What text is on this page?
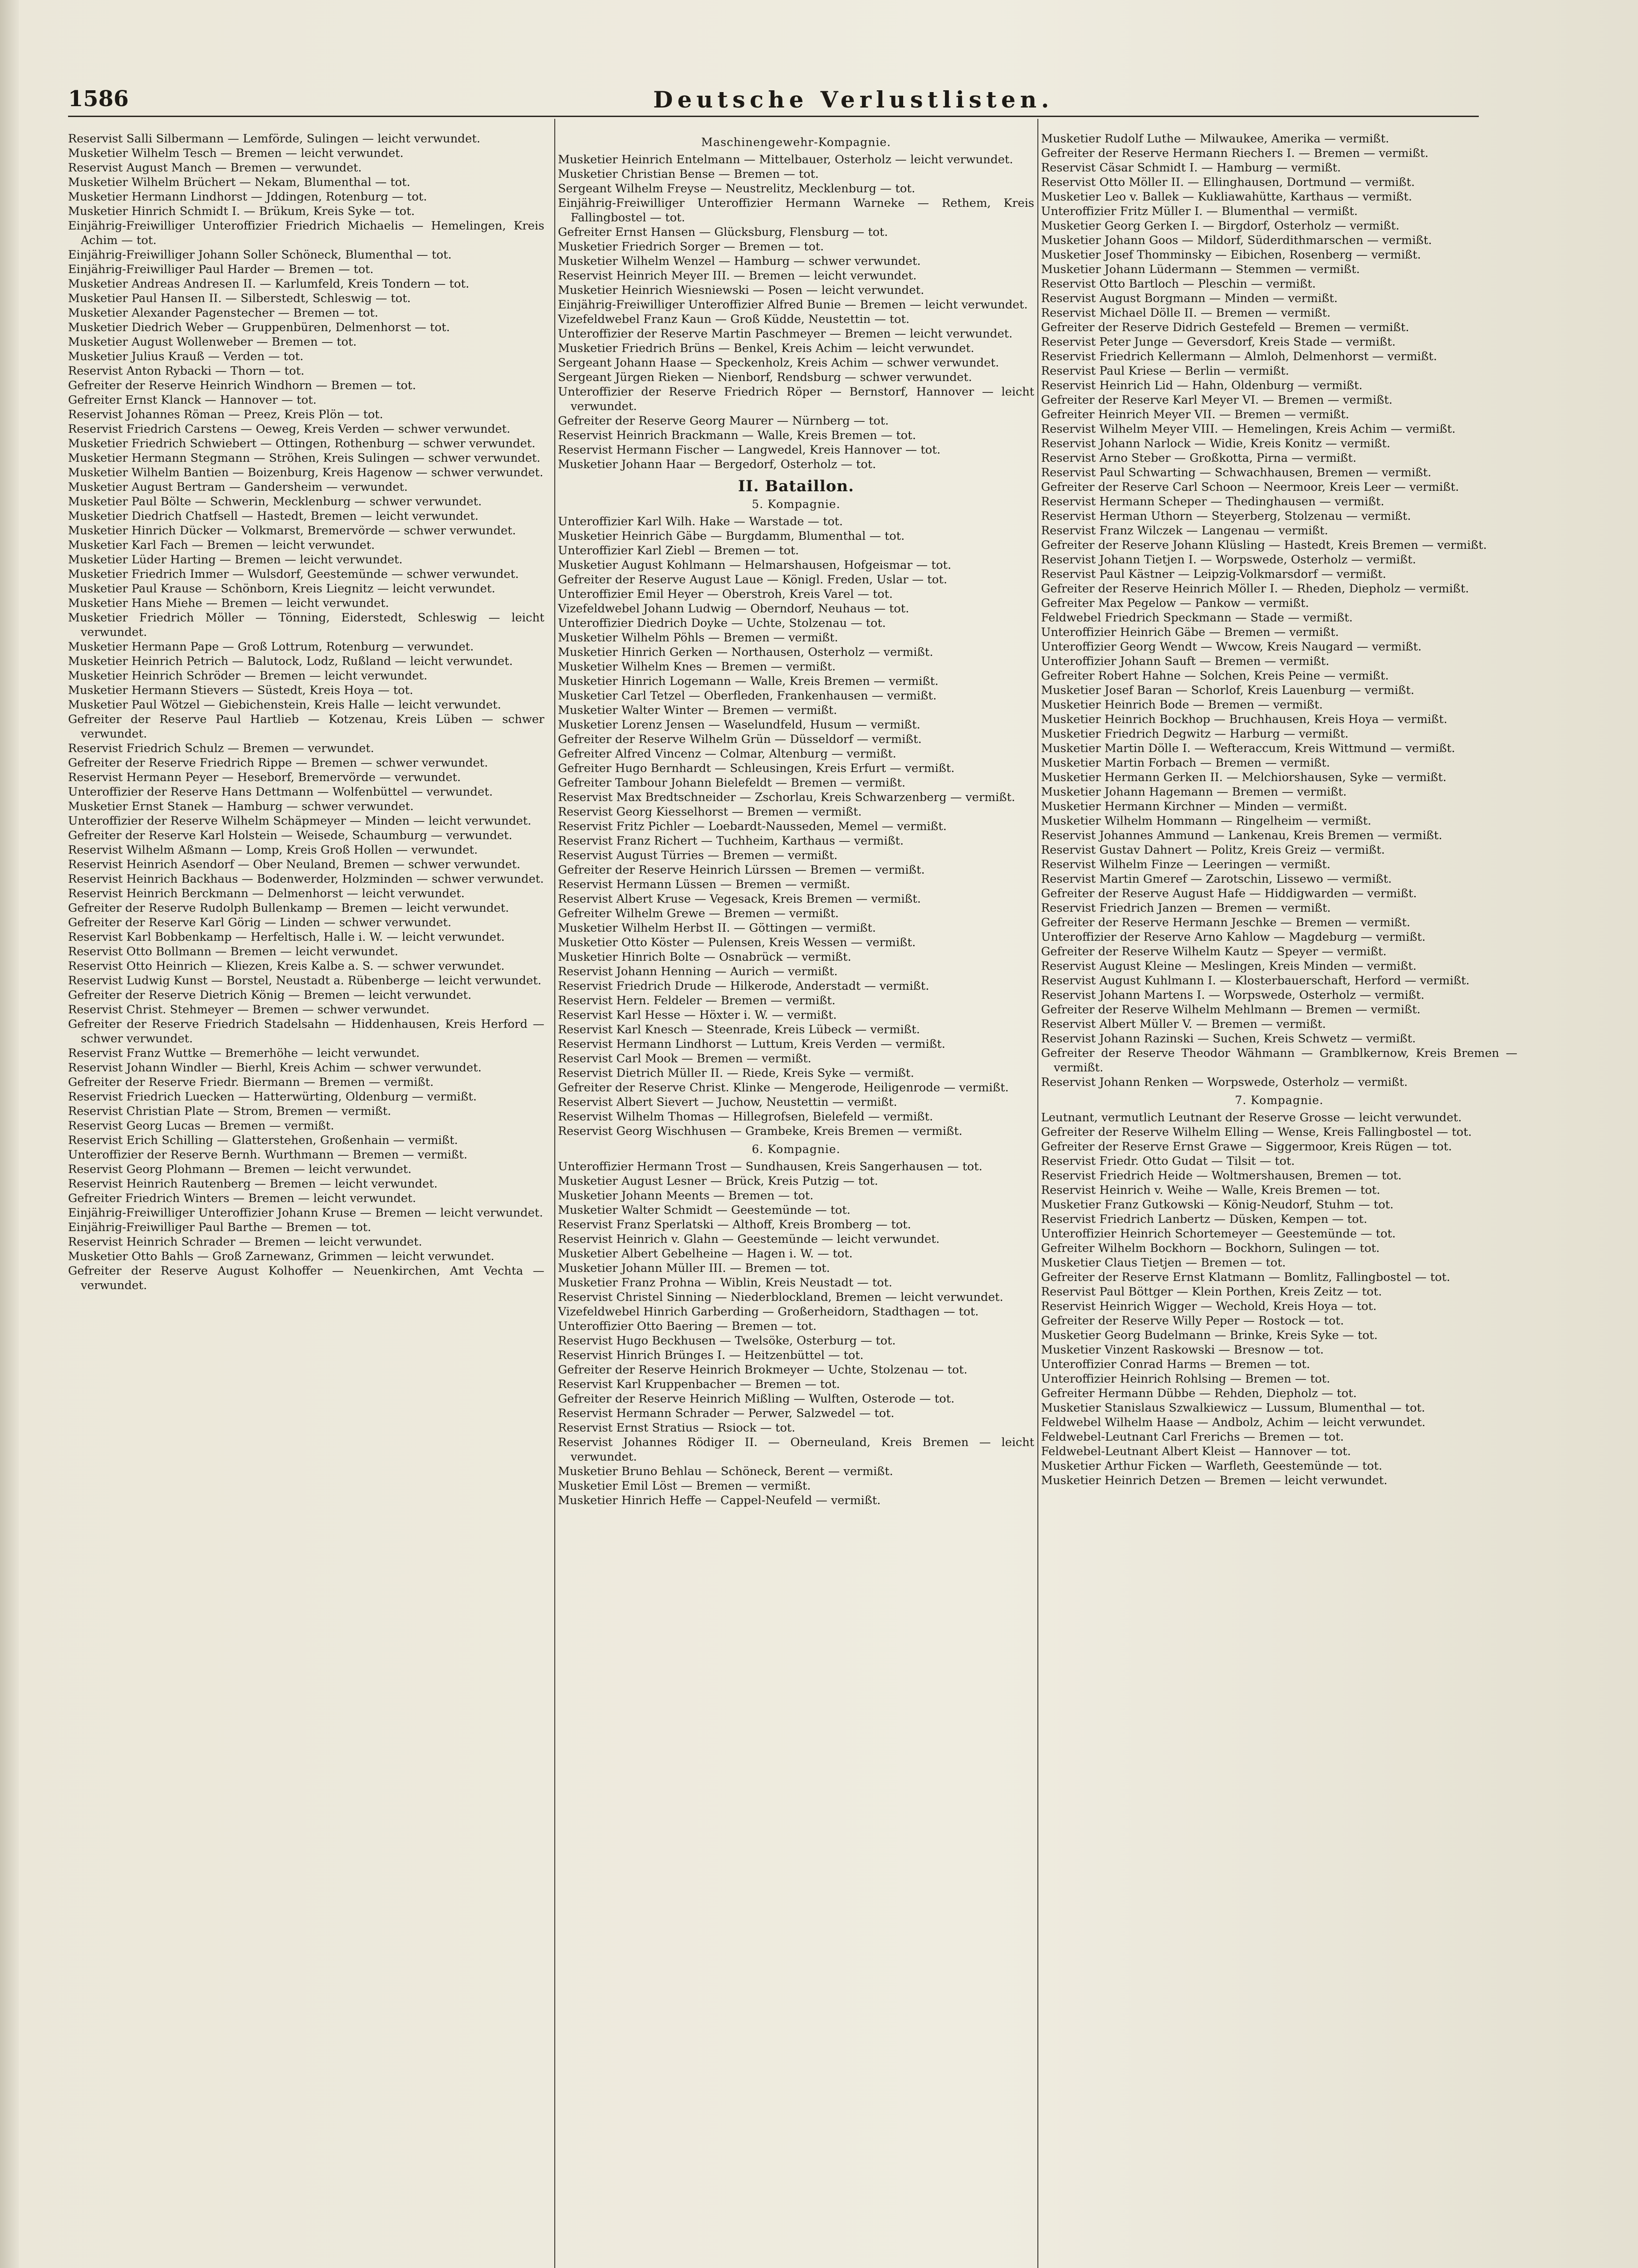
1586	Deutsche Verlustlisten.

Reservist Salli Silbermann — Lemförde, Sulingen — leicht verwundet.

Musketier Wilhelm Tesch — Bremen — leicht verwundet.

Reservist August Manch — Bremen — verwundet.

Musketier Wilhelm Brüchert — Nekam, Blumenthal — tot.

Musketier Hermann Lindhorst — Jddingen, Rotenburg — tot.

Musketier Hinrich Schmidt I. — Brükum, Kreis Syke — tot.

Einjährig-Freiwilliger Unteroffizier Friedrich Michaelis — Hemelingen, Kreis Achim — tot.

Einjährig-Freiwilliger Johann Soller Schöneck, Blumenthal — tot.

Einjährig-Freiwilliger Paul Harder — Bremen — tot.

Musketier Andreas Andresen II. — Karlumfeld, Kreis Tondern — tot.

Musketier Paul Hansen II. — Silberstedt, Schleswig — tot.

Musketier Alexander Pagenstecher — Bremen — tot.

Musketier Diedrich Weber — Gruppenbüren, Delmenhorst — tot.

Musketier August Wollenweber — Bremen — tot.

Musketier Julius Krauß — Verden — tot.

Reservist Anton Rybacki — Thorn — tot.

Gefreiter der Reserve Heinrich Windhorn — Bremen — tot.

Gefreiter Ernst Klanck — Hannover — tot.

Reservist Johannes Röman — Preez, Kreis Plön — tot.

Reservist Friedrich Carstens — Oeweg, Kreis Verden — schwer verwundet.

Musketier Friedrich Schwiebert — Ottingen, Rothenburg — schwer verwundet.

Musketier Hermann Stegmann — Ströhen, Kreis Sulingen — schwer verwundet.

Musketier Wilhelm Bantien — Boizenburg, Kreis Hagenow — schwer verwundet.

Musketier August Bertram — Gandersheim — verwundet.

Musketier Paul Bölte — Schwerin, Mecklenburg — schwer verwundet.

Musketier Diedrich Chatfsell — Hastedt, Bremen — leicht verwundet.

Musketier Hinrich Dücker — Volkmarst, Bremervörde — schwer verwundet.

Musketier Karl Fach — Bremen — leicht verwundet.

Musketier Lüder Harting — Bremen — leicht verwundet.

Musketier Friedrich Immer — Wulsdorf, Geestemünde — schwer verwundet.

Musketier Paul Krause — Schönborn, Kreis Liegnitz — leicht verwundet.

Musketier Hans Miehe — Bremen — leicht verwundet.

Musketier Friedrich Möller — Tönning, Eiderstedt, Schleswig — leicht verwundet.

Musketier Hermann Pape — Groß Lottrum, Rotenburg — verwundet.

Musketier Heinrich Petrich — Balutock, Lodz, Rußland — leicht verwundet.

Musketier Heinrich Schröder — Bremen — leicht verwundet.

Musketier Hermann Stievers — Süstedt, Kreis Hoya — tot.

Musketier Paul Wötzel — Giebichenstein, Kreis Halle — leicht verwundet.

Gefreiter der Reserve Paul Hartlieb — Kotzenau, Kreis Lüben — schwer verwundet.

Reservist Friedrich Schulz — Bremen — verwundet.

Gefreiter der Reserve Friedrich Rippe — Bremen — schwer verwundet.

Reservist Hermann Peyer — Heseborf, Bremervörde — verwundet.

Unteroffizier der Reserve Hans Dettmann — Wolfenbüttel — verwundet.

Musketier Ernst Stanek — Hamburg — schwer verwundet.

Unteroffizier der Reserve Wilhelm Schäpmeyer — Minden — leicht verwundet.

Gefreiter der Reserve Karl Holstein — Weisede, Schaumburg — verwundet.

Reservist Wilhelm Aßmann — Lomp, Kreis Groß Hollen — verwundet.

Reservist Heinrich Asendorf — Ober Neuland, Bremen — schwer verwundet.

Reservist Heinrich Backhaus — Bodenwerder, Holzminden — schwer verwundet.

Reservist Heinrich Berckmann — Delmenhorst — leicht verwundet.

Gefreiter der Reserve Rudolph Bullenkamp — Bremen — leicht verwundet.

Gefreiter der Reserve Karl Görig — Linden — schwer verwundet.

Reservist Karl Bobbenkamp — Herfeltisch, Halle i. W. — leicht verwundet.

Reservist Otto Bollmann — Bremen — leicht verwundet.

Reservist Otto Heinrich — Kliezen, Kreis Kalbe a. S. — schwer verwundet.

Reservist Ludwig Kunst — Borstel, Neustadt a. Rübenberge — leicht verwundet.

Gefreiter der Reserve Dietrich König — Bremen — leicht verwundet.

Reservist Christ. Stehmeyer — Bremen — schwer verwundet.

Gefreiter der Reserve Friedrich Stadelsahn — Hiddenhausen, Kreis Herford — schwer verwundet.

Reservist Franz Wuttke — Bremerhöhe — leicht verwundet.

Reservist Johann Windler — Bierhl, Kreis Achim — schwer verwundet.

Gefreiter der Reserve Friedr. Biermann — Bremen — vermißt.

Reservist Friedrich Luecken — Hatterwürting, Oldenburg — vermißt.

Reservist Christian Plate — Strom, Bremen — vermißt.

Reservist Georg Lucas — Bremen — vermißt.

Reservist Erich Schilling — Glatterstehen, Großenhain — vermißt.

Unteroffizier der Reserve Bernh. Wurthmann — Bremen — vermißt.

Reservist Georg Plohmann — Bremen — leicht verwundet.

Reservist Heinrich Rautenberg — Bremen — leicht verwundet.

Gefreiter Friedrich Winters — Bremen — leicht verwundet.

Einjährig-Freiwilliger Unteroffizier Johann Kruse — Bremen — leicht verwundet.

Einjährig-Freiwilliger Paul Barthe — Bremen — tot.

Reservist Heinrich Schrader — Bremen — leicht verwundet.

Musketier Otto Bahls — Groß Zarnewanz, Grimmen — leicht verwundet.

Gefreiter der Reserve August Kolhoffer — Neuenkirchen, Amt Vechta — verwundet.

Maschinengewehr-Kompagnie.

Musketier Heinrich Entelmann — Mittelbauer, Osterholz — leicht verwundet.

Musketier Christian Bense — Bremen — tot.

Sergeant Wilhelm Freyse — Neustrelitz, Mecklenburg — tot.

Einjährig-Freiwilliger Unteroffizier Hermann Warneke — Rethem, Kreis Fallingbostel — tot.

Gefreiter Ernst Hansen — Glücksburg, Flensburg — tot.

Musketier Friedrich Sorger — Bremen — tot.

Musketier Wilhelm Wenzel — Hamburg — schwer verwundet.

Reservist Heinrich Meyer III. — Bremen — leicht verwundet.

Musketier Heinrich Wiesniewski — Posen — leicht verwundet.

Einjährig-Freiwilliger Unteroffizier Alfred Bunie — Bremen — leicht verwundet.

Vizefeldwebel Franz Kaun — Groß Küdde, Neustettin — tot.

Unteroffizier der Reserve Martin Paschmeyer — Bremen — leicht verwundet.

Musketier Friedrich Brüns — Benkel, Kreis Achim — leicht verwundet.

Sergeant Johann Haase — Speckenholz, Kreis Achim — schwer verwundet.

Sergeant Jürgen Rieken — Nienborf, Rendsburg — schwer verwundet.

Unteroffizier der Reserve Friedrich Röper — Bernstorf, Hannover — leicht verwundet.

Gefreiter der Reserve Georg Maurer — Nürnberg — tot.

Reservist Heinrich Brackmann — Walle, Kreis Bremen — tot.

Reservist Hermann Fischer — Langwedel, Kreis Hannover — tot.

Musketier Johann Haar — Bergedorf, Osterholz — tot.

II. Bataillon.
5. Kompagnie.

Unteroffizier Karl Wilh. Hake — Warstade — tot.

Musketier Heinrich Gäbe — Burgdamm, Blumenthal — tot.

Unteroffizier Karl Ziebl — Bremen — tot.

Musketier August Kohlmann — Helmarshausen, Hofgeismar — tot.

Gefreiter der Reserve August Laue — Königl. Freden, Uslar — tot.

Unteroffizier Emil Heyer — Oberstroh, Kreis Varel — tot.

Vizefeldwebel Johann Ludwig — Oberndorf, Neuhaus — tot.

Unteroffizier Diedrich Doyke — Uchte, Stolzenau — tot.

Musketier Wilhelm Pöhls — Bremen — vermißt.

Musketier Hinrich Gerken — Northausen, Osterholz — vermißt.

Musketier Wilhelm Knes — Bremen — vermißt.

Musketier Hinrich Logemann — Walle, Kreis Bremen — vermißt.

Musketier Carl Tetzel — Oberfleden, Frankenhausen — vermißt.

Musketier Walter Winter — Bremen — vermißt.

Musketier Lorenz Jensen — Waselundfeld, Husum — vermißt.

Gefreiter der Reserve Wilhelm Grün — Düsseldorf — vermißt.

Gefreiter Alfred Vincenz — Colmar, Altenburg — vermißt.

Gefreiter Hugo Bernhardt — Schleusingen, Kreis Erfurt — vermißt.

Gefreiter Tambour Johann Bielefeldt — Bremen — vermißt.

Reservist Max Bredtschneider — Zschorlau, Kreis Schwarzenberg — vermißt.

Reservist Georg Kiesselhorst — Bremen — vermißt.

Reservist Fritz Pichler — Loebardt-Nausseden, Memel — vermißt.

Reservist Franz Richert — Tuchheim, Karthaus — vermißt.

Reservist August Türries — Bremen — vermißt.

Gefreiter der Reserve Heinrich Lürssen — Bremen — vermißt.

Reservist Hermann Lüssen — Bremen — vermißt.

Reservist Albert Kruse — Vegesack, Kreis Bremen — vermißt.

Gefreiter Wilhelm Grewe — Bremen — vermißt.

Musketier Wilhelm Herbst II. — Göttingen — vermißt.

Musketier Otto Köster — Pulensen, Kreis Wessen — vermißt.

Musketier Hinrich Bolte — Osnabrück — vermißt.

Reservist Johann Henning — Aurich — vermißt.

Reservist Friedrich Drude — Hilkerode, Anderstadt — vermißt.

Reservist Hern. Feldeler — Bremen — vermißt.

Reservist Karl Hesse — Höxter i. W. — vermißt.

Reservist Karl Knesch — Steenrade, Kreis Lübeck — vermißt.

Reservist Hermann Lindhorst — Luttum, Kreis Verden — vermißt.

Reservist Carl Mook — Bremen — vermißt.

Reservist Dietrich Müller II. — Riede, Kreis Syke — vermißt.

Gefreiter der Reserve Christ. Klinke — Mengerode, Heiligenrode — vermißt.

Reservist Albert Sievert — Juchow, Neustettin — vermißt.

Reservist Wilhelm Thomas — Hillegrofsen, Bielefeld — vermißt.

Reservist Georg Wischhusen — Grambeke, Kreis Bremen — vermißt.

6. Kompagnie.

Unteroffizier Hermann Trost — Sundhausen, Kreis Sangerhausen — tot.

Musketier August Lesner — Brück, Kreis Putzig — tot.

Musketier Johann Meents — Bremen — tot.

Musketier Walter Schmidt — Geestemünde — tot.

Reservist Franz Sperlatski — Althoff, Kreis Bromberg — tot.

Reservist Heinrich v. Glahn — Geestemünde — leicht verwundet.

Musketier Albert Gebelheine — Hagen i. W. — tot.

Musketier Johann Müller III. — Bremen — tot.

Musketier Franz Prohna — Wiblin, Kreis Neustadt — tot.

Reservist Christel Sinning — Niederblockland, Bremen — leicht verwundet.

Vizefeldwebel Hinrich Garberding — Großerheidorn, Stadthagen — tot.

Unteroffizier Otto Baering — Bremen — tot.

Reservist Hugo Beckhusen — Twelsöke, Osterburg — tot.

Reservist Hinrich Brünges I. — Heitzenbüttel — tot.

Gefreiter der Reserve Heinrich Brokmeyer — Uchte, Stolzenau — tot.

Reservist Karl Kruppenbacher — Bremen — tot.

Gefreiter der Reserve Heinrich Mißling — Wulften, Osterode — tot.

Reservist Hermann Schrader — Perwer, Salzwedel — tot.

Reservist Ernst Stratius — Rsiock — tot.

Reservist Johannes Rödiger II. — Oberneuland, Kreis Bremen — leicht verwundet.

Musketier Bruno Behlau — Schöneck, Berent — vermißt.

Musketier Emil Löst — Bremen — vermißt.

Musketier Hinrich Heffe — Cappel-Neufeld — vermißt.

Musketier Rudolf Luthe — Milwaukee, Amerika — vermißt.

Gefreiter der Reserve Hermann Riechers I. — Bremen — vermißt.

Reservist Cäsar Schmidt I. — Hamburg — vermißt.

Reservist Otto Möller II. — Ellinghausen, Dortmund — vermißt.

Musketier Leo v. Ballek — Kukliawahütte, Karthaus — vermißt.

Unteroffizier Fritz Müller I. — Blumenthal — vermißt.

Musketier Georg Gerken I. — Birgdorf, Osterholz — vermißt.

Musketier Johann Goos — Mildorf, Süderdithmarschen — vermißt.

Musketier Josef Thomminsky — Eibichen, Rosenberg — vermißt.

Musketier Johann Lüdermann — Stemmen — vermißt.

Reservist Otto Bartloch — Pleschin — vermißt.

Reservist August Borgmann — Minden — vermißt.

Reservist Michael Dölle II. — Bremen — vermißt.

Gefreiter der Reserve Didrich Gestefeld — Bremen — vermißt.

Reservist Peter Junge — Geversdorf, Kreis Stade — vermißt.

Reservist Friedrich Kellermann — Almloh, Delmenhorst — vermißt.

Reservist Paul Kriese — Berlin — vermißt.

Reservist Heinrich Lid — Hahn, Oldenburg — vermißt.

Gefreiter der Reserve Karl Meyer VI. — Bremen — vermißt.

Gefreiter Heinrich Meyer VII. — Bremen — vermißt.

Reservist Wilhelm Meyer VIII. — Hemelingen, Kreis Achim — vermißt.

Reservist Johann Narlock — Widie, Kreis Konitz — vermißt.

Reservist Arno Steber — Großkotta, Pirna — vermißt.

Reservist Paul Schwarting — Schwachhausen, Bremen — vermißt.

Gefreiter der Reserve Carl Schoon — Neermoor, Kreis Leer — vermißt.

Reservist Hermann Scheper — Thedinghausen — vermißt.

Reservist Herman Uthorn — Steyerberg, Stolzenau — vermißt.

Reservist Franz Wilczek — Langenau — vermißt.

Gefreiter der Reserve Johann Klüsling — Hastedt, Kreis Bremen — vermißt.

Reservist Johann Tietjen I. — Worpswede, Osterholz — vermißt.

Reservist Paul Kästner — Leipzig-Volkmarsdorf — vermißt.

Gefreiter der Reserve Heinrich Möller I. — Rheden, Diepholz — vermißt.

Gefreiter Max Pegelow — Pankow — vermißt.

Feldwebel Friedrich Speckmann — Stade — vermißt.

Unteroffizier Heinrich Gäbe — Bremen — vermißt.

Unteroffizier Georg Wendt — Wwcow, Kreis Naugard — vermißt.

Unteroffizier Johann Sauft — Bremen — vermißt.

Gefreiter Robert Hahne — Solchen, Kreis Peine — vermißt.

Musketier Josef Baran — Schorlof, Kreis Lauenburg — vermißt.

Musketier Heinrich Bode — Bremen — vermißt.

Musketier Heinrich Bockhop — Bruchhausen, Kreis Hoya — vermißt.

Musketier Friedrich Degwitz — Harburg — vermißt.

Musketier Martin Dölle I. — Wefteraccum, Kreis Wittmund — vermißt.

Musketier Martin Forbach — Bremen — vermißt.

Musketier Hermann Gerken II. — Melchiorshausen, Syke — vermißt.

Musketier Johann Hagemann — Bremen — vermißt.

Musketier Hermann Kirchner — Minden — vermißt.

Musketier Wilhelm Hommann — Ringelheim — vermißt.

Reservist Johannes Ammund — Lankenau, Kreis Bremen — vermißt.

Reservist Gustav Dahnert — Politz, Kreis Greiz — vermißt.

Reservist Wilhelm Finze — Leeringen — vermißt.

Reservist Martin Gmeref — Zarotschin, Lissewo — vermißt.

Gefreiter der Reserve August Hafe — Hiddigwarden — vermißt.

Reservist Friedrich Janzen — Bremen — vermißt.

Gefreiter der Reserve Hermann Jeschke — Bremen — vermißt.

Unteroffizier der Reserve Arno Kahlow — Magdeburg — vermißt.

Gefreiter der Reserve Wilhelm Kautz — Speyer — vermißt.

Reservist August Kleine — Meslingen, Kreis Minden — vermißt.

Reservist August Kuhlmann I. — Klosterbauerschaft, Herford — vermißt.

Reservist Johann Martens I. — Worpswede, Osterholz — vermißt.

Gefreiter der Reserve Wilhelm Mehlmann — Bremen — vermißt.

Reservist Albert Müller V. — Bremen — vermißt.

Reservist Johann Razinski — Suchen, Kreis Schwetz — vermißt.

Gefreiter der Reserve Theodor Wähmann — Gramblkernow, Kreis Bremen — vermißt.

Reservist Johann Renken — Worpswede, Osterholz — vermißt.

7. Kompagnie.

Leutnant, vermutlich Leutnant der Reserve Grosse — leicht verwundet.

Gefreiter der Reserve Wilhelm Elling — Wense, Kreis Fallingbostel — tot.

Gefreiter der Reserve Ernst Grawe — Siggermoor, Kreis Rügen — tot.

Reservist Friedr. Otto Gudat — Tilsit — tot.

Reservist Friedrich Heide — Woltmershausen, Bremen — tot.

Reservist Heinrich v. Weihe — Walle, Kreis Bremen — tot.

Musketier Franz Gutkowski — König-Neudorf, Stuhm — tot.

Reservist Friedrich Lanbertz — Düsken, Kempen — tot.

Unteroffizier Heinrich Schortemeyer — Geestemünde — tot.

Gefreiter Wilhelm Bockhorn — Bockhorn, Sulingen — tot.

Musketier Claus Tietjen — Bremen — tot.

Gefreiter der Reserve Ernst Klatmann — Bomlitz, Fallingbostel — tot.

Reservist Paul Böttger — Klein Porthen, Kreis Zeitz — tot.

Reservist Heinrich Wigger — Wechold, Kreis Hoya — tot.

Gefreiter der Reserve Willy Peper — Rostock — tot.

Musketier Georg Budelmann — Brinke, Kreis Syke — tot.

Musketier Vinzent Raskowski — Bresnow — tot.

Unteroffizier Conrad Harms — Bremen — tot.

Unteroffizier Heinrich Rohlsing — Bremen — tot.

Gefreiter Hermann Dübbe — Rehden, Diepholz — tot.

Musketier Stanislaus Szwalkiewicz — Lussum, Blumenthal — tot.

Feldwebel Wilhelm Haase — Andbolz, Achim — leicht verwundet.

Feldwebel-Leutnant Carl Frerichs — Bremen — tot.

Feldwebel-Leutnant Albert Kleist — Hannover — tot.

Musketier Arthur Ficken — Warfleth, Geestemünde — tot.

Musketier Heinrich Detzen — Bremen — leicht verwundet.
